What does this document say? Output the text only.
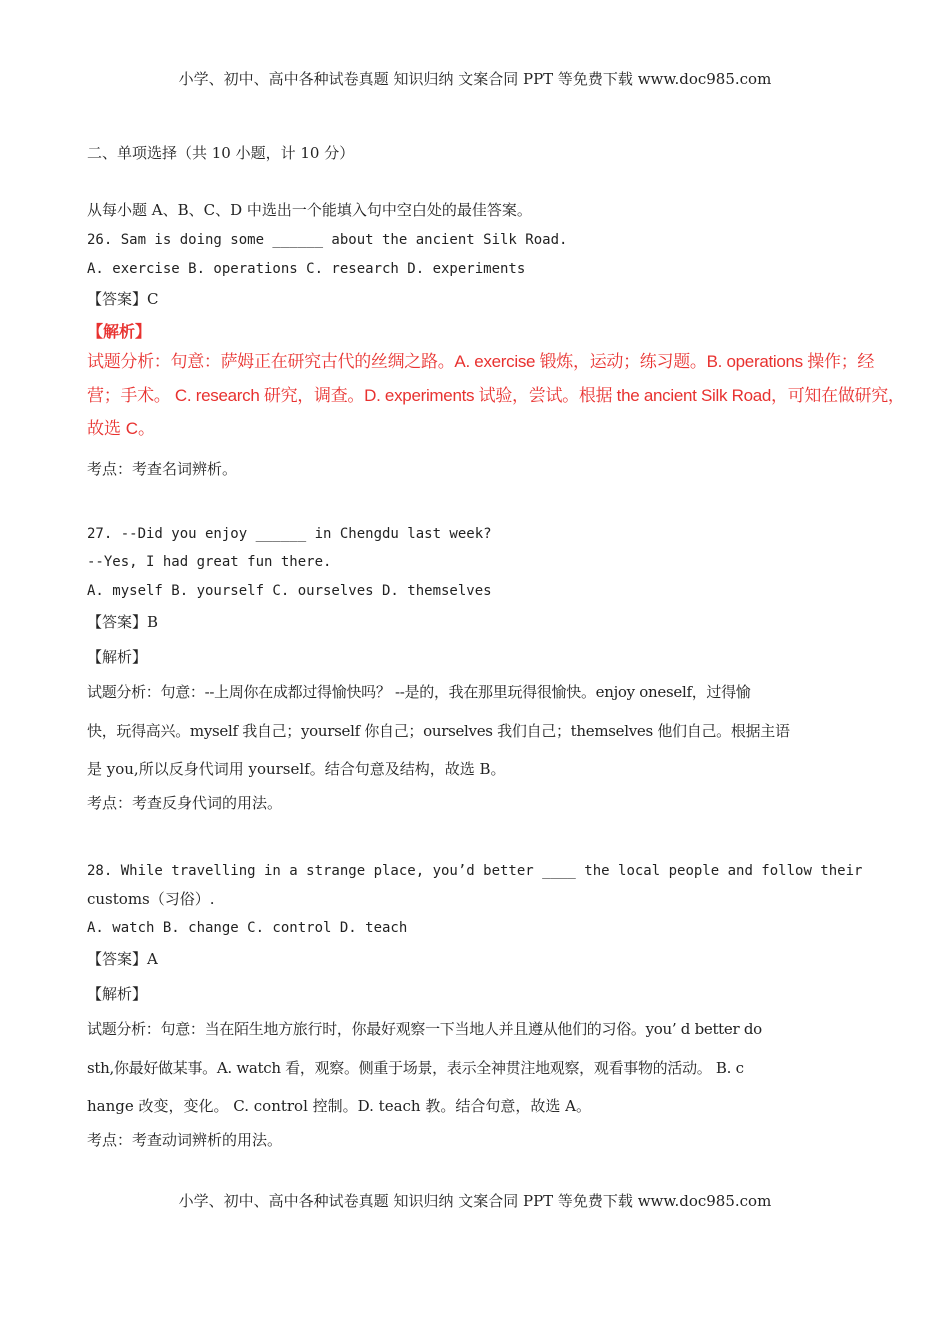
小学、初中、高中各种试卷真题 知识归纳 文案合同 PPT 等免费下载 www.doc985.com
二、单项选择（共 10 小题，计 10 分）
从每小题 A、B、C、D 中选出一个能填入句中空白处的最佳答案。
26. Sam is doing some ______ about the ancient Silk Road.
A. exercise B. operations C. research D. experiments
【答案】C
【解析】
试题分析：句意：萨姆正在研究古代的丝绸之路。A. exercise 锻炼，运动；练习题。B. operations 操作；经
营；手术。 C. research 研究，调查。D. experiments 试验，尝试。根据 the ancient Silk Road，可知在做研究，
故选 C。
考点：考查名词辨析。
27. --Did you enjoy ______ in Chengdu last week?
--Yes, I had great fun there.
A. myself B. yourself C. ourselves D. themselves
【答案】B
【解析】
试题分析：句意：--上周你在成都过得愉快吗？ --是的，我在那里玩得很愉快。enjoy oneself，过得愉
快，玩得高兴。myself 我自己；yourself 你自己；ourselves 我们自己；themselves 他们自己。根据主语
是 you,所以反身代词用 yourself。结合句意及结构，故选 B。
考点：考查反身代词的用法。
28. While travelling in a strange place, you’d better ____ the local people and follow their
customs（习俗）.
A. watch B. change C. control D. teach
【答案】A
【解析】
试题分析：句意：当在陌生地方旅行时，你最好观察一下当地人并且遵从他们的习俗。you’ d better do
sth,你最好做某事。A. watch 看，观察。侧重于场景，表示全神贯注地观察，观看事物的活动。 B. c
hange 改变，变化。 C. control 控制。D. teach 教。结合句意，故选 A。
考点：考查动词辨析的用法。
小学、初中、高中各种试卷真题 知识归纳 文案合同 PPT 等免费下载 www.doc985.com
